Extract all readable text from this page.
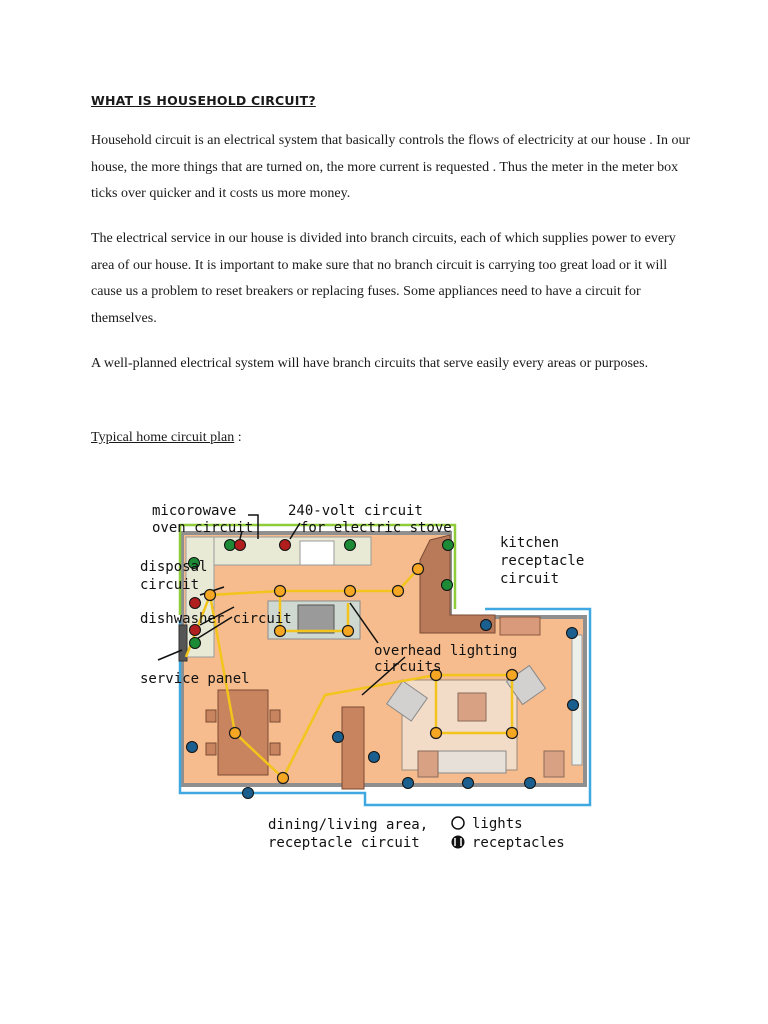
WHAT IS HOUSEHOLD CIRCUIT?

Household circuit is an electrical system that basically controls the flows of electricity at our house . In our house, the more things that are turned on, the more current is requested . Thus the meter in the meter box ticks over quicker and it costs us more money.

The electrical service in our house is divided into branch circuits, each of which supplies power to every area of our house. It is important to make sure that no branch circuit is carrying too great load or it will cause us a problem to reset breakers or replacing fuses. Some appliances need to have a circuit for themselves.

A well-planned electrical system will have branch circuits that serve easily every areas or purposes.

Typical home circuit plan :
micorowave
oven circuit
240-volt circuit
for electric stove
kitchen
receptacle
circuit
disposal
circuit
dishwasher circuit
overhead lighting
circuits
service panel
dining/living area,
receptacle circuit
lights
receptacles
